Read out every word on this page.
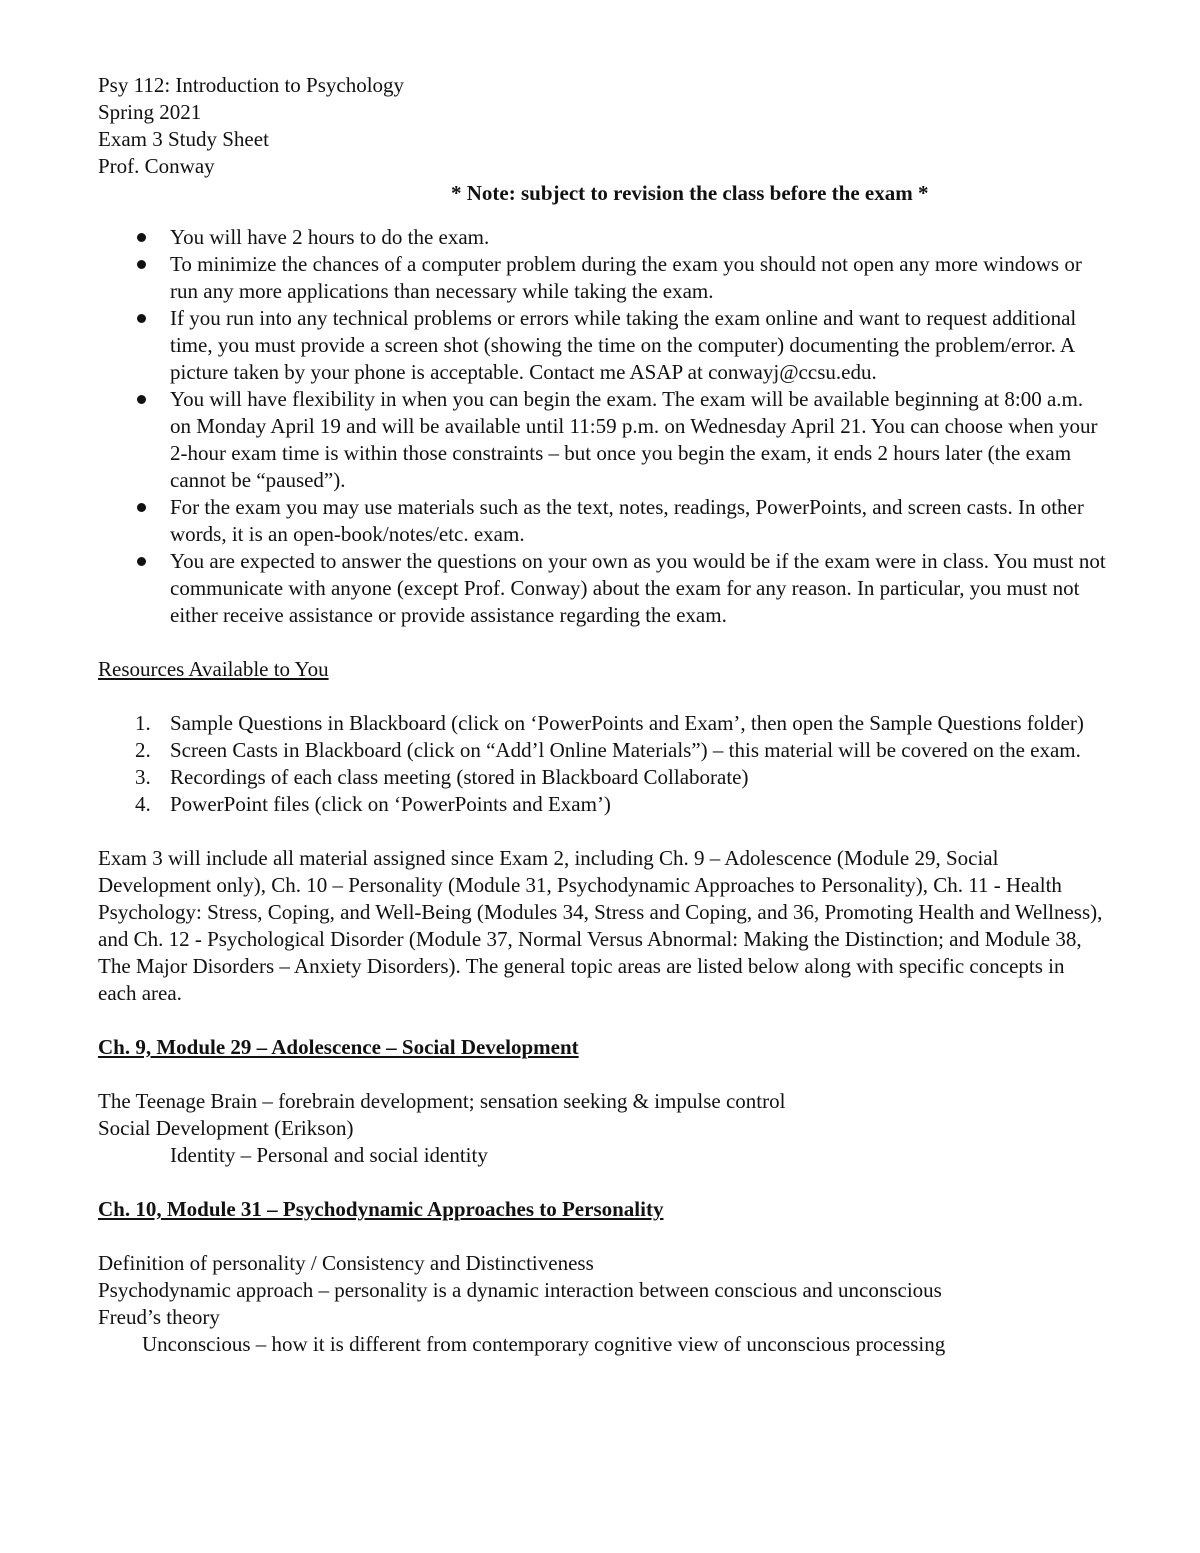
Psy 112: Introduction to Psychology
Spring 2021
Exam 3 Study Sheet
Prof. Conway
* Note: subject to revision the class before the exam *
You will have 2 hours to do the exam.
To minimize the chances of a computer problem during the exam you should not open any more windows or run any more applications than necessary while taking the exam.
If you run into any technical problems or errors while taking the exam online and want to request additional time, you must provide a screen shot (showing the time on the computer) documenting the problem/error. A picture taken by your phone is acceptable. Contact me ASAP at conwayj@ccsu.edu.
You will have flexibility in when you can begin the exam. The exam will be available beginning at 8:00 a.m. on Monday April 19 and will be available until 11:59 p.m. on Wednesday April 21. You can choose when your 2-hour exam time is within those constraints – but once you begin the exam, it ends 2 hours later (the exam cannot be “paused”).
For the exam you may use materials such as the text, notes, readings, PowerPoints, and screen casts. In other words, it is an open-book/notes/etc. exam.
You are expected to answer the questions on your own as you would be if the exam were in class. You must not communicate with anyone (except Prof. Conway) about the exam for any reason. In particular, you must not either receive assistance or provide assistance regarding the exam.
Resources Available to You
1. Sample Questions in Blackboard (click on ‘PowerPoints and Exam’, then open the Sample Questions folder)
2. Screen Casts in Blackboard (click on “Add’l Online Materials”) – this material will be covered on the exam.
3. Recordings of each class meeting (stored in Blackboard Collaborate)
4. PowerPoint files (click on ‘PowerPoints and Exam’)
Exam 3 will include all material assigned since Exam 2, including Ch. 9 – Adolescence (Module 29, Social Development only), Ch. 10 – Personality (Module 31, Psychodynamic Approaches to Personality), Ch. 11 - Health Psychology: Stress, Coping, and Well-Being (Modules 34, Stress and Coping, and 36, Promoting Health and Wellness), and Ch. 12 - Psychological Disorder (Module 37, Normal Versus Abnormal: Making the Distinction; and Module 38, The Major Disorders – Anxiety Disorders). The general topic areas are listed below along with specific concepts in each area.
Ch. 9, Module 29 – Adolescence – Social Development
The Teenage Brain – forebrain development; sensation seeking & impulse control
Social Development (Erikson)
Identity – Personal and social identity
Ch. 10, Module 31 – Psychodynamic Approaches to Personality
Definition of personality / Consistency and Distinctiveness
Psychodynamic approach – personality is a dynamic interaction between conscious and unconscious
Freud’s theory
Unconscious – how it is different from contemporary cognitive view of unconscious processing
